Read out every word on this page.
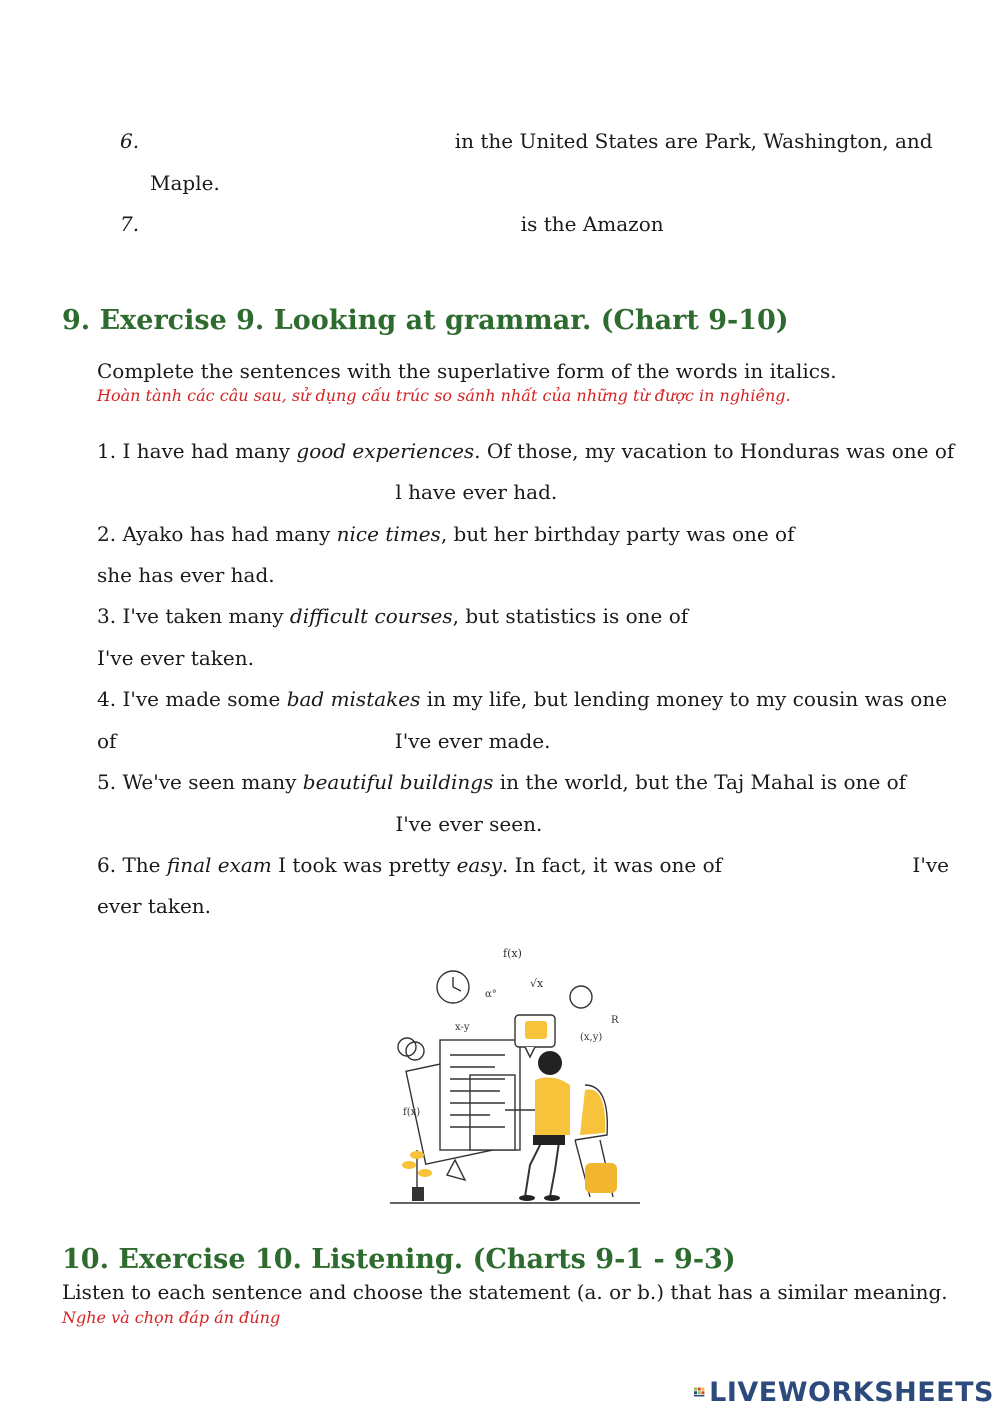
6.	in the United States are Park, Washington, and
Maple.
7.	is the Amazon
9. Exercise 9. Looking at grammar. (Chart 9-10)
Complete the sentences with the superlative form of the words in italics.
Hoàn tành các câu sau, sử dụng cấu trúc so sánh nhất của những từ được in nghiêng.
1. I have had many good experiences. Of those, my vacation to Honduras was one of
l have ever had.
2. Ayako has had many nice times, but her birthday party was one of
she has ever had.
3. I've taken many difficult courses, but statistics is one of
I've ever taken.
4. I've made some bad mistakes in my life, but lending money to my cousin was one
of	I've ever made.
5. We've seen many beautiful buildings in the world, but the Taj Mahal is one of
I've ever seen.
6. The final exam I took was pretty easy. In fact, it was one of	I've
ever taken.
f(x)
√x
α°
R
(x,y)
x-y
f(x)
10. Exercise 10. Listening. (Charts 9-1 - 9-3)
Listen to each sentence and choose the statement (a. or b.) that has a similar meaning.
Nghe và chọn đáp án đúng
LIVEWORKSHEETS
